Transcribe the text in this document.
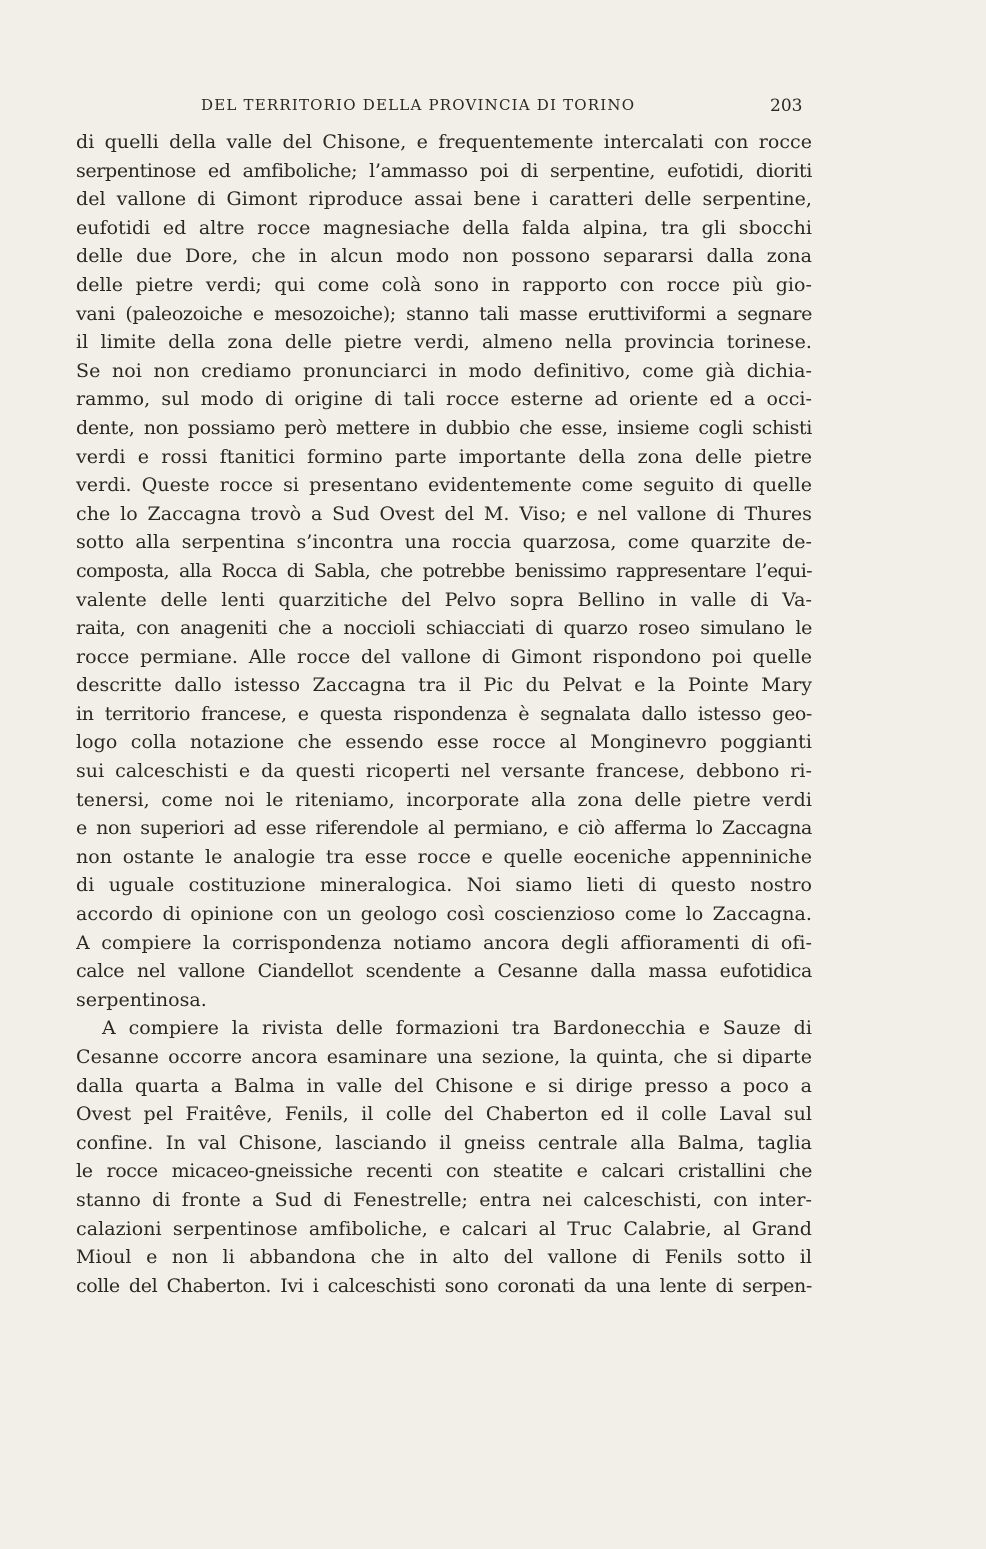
DEL TERRITORIO DELLA PROVINCIA DI TORINO	203
di quelli della valle del Chisone, e frequentemente intercalati con rocce
serpentinose ed amfiboliche; l’ammasso poi di serpentine, eufotidi, dioriti
del vallone di Gimont riproduce assai bene i caratteri delle serpentine,
eufotidi ed altre rocce magnesiache della falda alpina, tra gli sbocchi
delle due Dore, che in alcun modo non possono separarsi dalla zona
delle pietre verdi; qui come colà sono in rapporto con rocce più gio-
vani (paleozoiche e mesozoiche); stanno tali masse eruttiviformi a segnare
il limite della zona delle pietre verdi, almeno nella provincia torinese.
Se noi non crediamo pronunciarci in modo definitivo, come già dichia-
rammo, sul modo di origine di tali rocce esterne ad oriente ed a occi-
dente, non possiamo però mettere in dubbio che esse, insieme cogli schisti
verdi e rossi ftanitici formino parte importante della zona delle pietre
verdi. Queste rocce si presentano evidentemente come seguito di quelle
che lo Zaccagna trovò a Sud Ovest del M. Viso; e nel vallone di Thures
sotto alla serpentina s’incontra una roccia quarzosa, come quarzite de-
composta, alla Rocca di Sabla, che potrebbe benissimo rappresentare l’equi-
valente delle lenti quarzitiche del Pelvo sopra Bellino in valle di Va-
raita, con anageniti che a noccioli schiacciati di quarzo roseo simulano le
rocce permiane. Alle rocce del vallone di Gimont rispondono poi quelle
descritte dallo istesso Zaccagna tra il Pic du Pelvat e la Pointe Mary
in territorio francese, e questa rispondenza è segnalata dallo istesso geo-
logo colla notazione che essendo esse rocce al Monginevro poggianti
sui calceschisti e da questi ricoperti nel versante francese, debbono ri-
tenersi, come noi le riteniamo, incorporate alla zona delle pietre verdi
e non superiori ad esse riferendole al permiano, e ciò afferma lo Zaccagna
non ostante le analogie tra esse rocce e quelle eoceniche appenniniche
di uguale costituzione mineralogica. Noi siamo lieti di questo nostro
accordo di opinione con un geologo così coscienzioso come lo Zaccagna.
A compiere la corrispondenza notiamo ancora degli affioramenti di ofi-
calce nel vallone Ciandellot scendente a Cesanne dalla massa eufotidica
serpentinosa.
A compiere la rivista delle formazioni tra Bardonecchia e Sauze di
Cesanne occorre ancora esaminare una sezione, la quinta, che si diparte
dalla quarta a Balma in valle del Chisone e si dirige presso a poco a
Ovest pel Fraitêve, Fenils, il colle del Chaberton ed il colle Laval sul
confine. In val Chisone, lasciando il gneiss centrale alla Balma, taglia
le rocce micaceo-gneissiche recenti con steatite e calcari cristallini che
stanno di fronte a Sud di Fenestrelle; entra nei calceschisti, con inter-
calazioni serpentinose amfiboliche, e calcari al Truc Calabrie, al Grand
Mioul e non li abbandona che in alto del vallone di Fenils sotto il
colle del Chaberton. Ivi i calceschisti sono coronati da una lente di serpen-
